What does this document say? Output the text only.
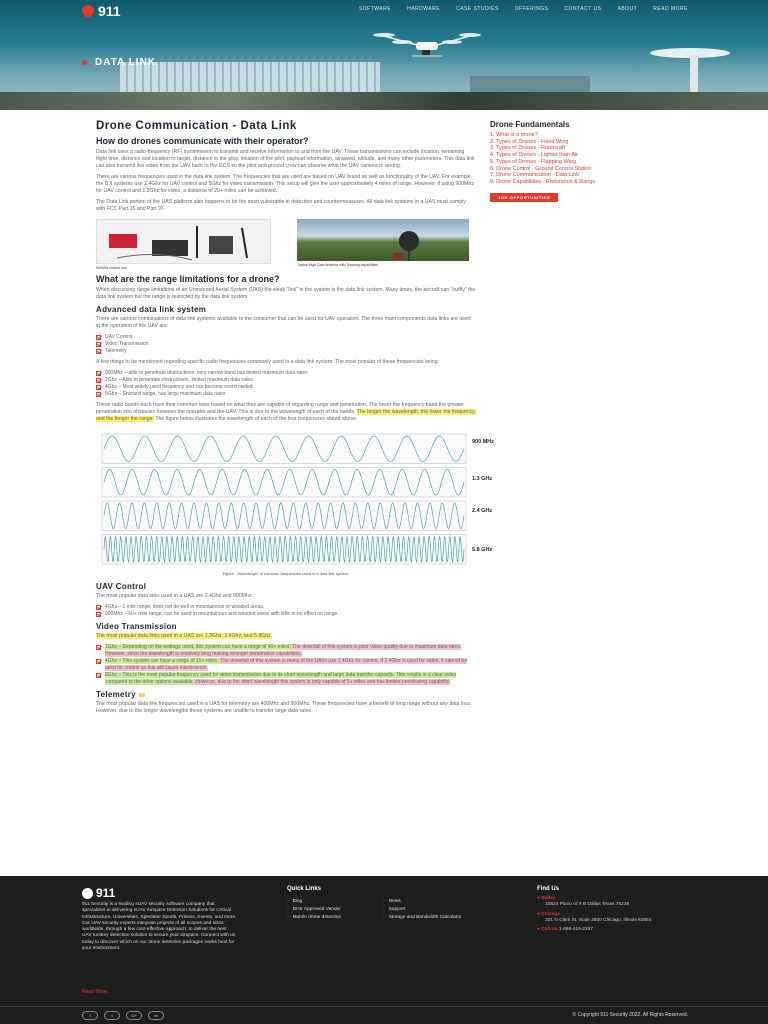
911	SOFTWARE	HARDWARE	CASE STUDIES	OFFERINGS	CONTACT US	ABOUT	READ MORE
DATA LINK
Drone Communication - Data Link
How do drones communicate with their operator?

Data link uses a radio-frequency (RF) transmission to transmit and receive information to and from the UAV. These transmissions can include location, remaining flight time, distance and location to target, distance to the pilot, location of the pilot, payload information, airspeed, altitude, and many other parameters. This data link can also transmit live video from the UAV back to the GCS so the pilot and ground crew can observe what the UAV camera is seeing.

There are various frequencies used in the data link system. The frequencies that are used are based on UAV brand as well as functionality of the UAV. For example, the DJI systems use 2.4Ghz for UAV control and 5Ghz for video transmission. This setup will give the user approximately 4 miles of range. However, if using 900Mhz for UAV control and 1.3Ghz for video, a distance of 20+ miles can be achieved.

The Data Link portion of the UAS platform also happens to be the most vulnerable in detection and countermeasures. All data link systems in a UAS must comply with FCC Part 15 and Part 97.

900Mhz control unit
Typical High Gain Antenna with Tracking capabilities
What are the range limitations for a drone?

When discussing range limitations of an Unmanned Aerial System (UAS) the weak "link" in the system is the data link system. Many times, the aircraft can "outfly" the data link system but the range is restricted by the data link system.

Advanced data link system

There are various combinations of data link systems available to the consumer that can be used for UAV operation. The three main components data links are used in the operation of the UAV are:

UAV Control
Video Transmission
Telemetry

A few things to be mentioned regarding specific radio frequencies commonly used in a data link system. The most popular of these frequencies being:

900Mhz – able to penetrate obstructions, very narrow band has limited maximum data rates
2Ghz – Able to penetrate obstructions, limited maximum data rates
4Ghz – Most widely used frequency and can become overcrowded
8Ghz – Shortest range, has large maximum data rates

These radio bands each have their common uses based on what they are capable of regarding range and penetration. The lower the frequency band the greater penetration into obstacles between the operator and the UAV. This is due to the wavelength of each of the bands. The longer the wavelength, the lower the frequency, and the longer the range. The figure below illustrates the wavelength of each of the four frequencies stated above.

900 MHz
1.3 GHz
2.4 GHz
5.8 GHz
Figure - Wavelength of common frequencies used in a data link system.
UAV Control

The most popular data links used in a UAS are 2.4Ghz and 900Mhz.

4Ghz – 1 mile range, does not do well in mountainous or wooded areas.
900Mhz – 60+ mile range, can be used in mountainous and wooded areas with little to no effect on range.
Video Transmission

The most popular data links used in a UAS are 1.3Ghz, 2.4Ghz, and 5.8Ghz.

1Ghz – Depending on the wattage used, this system can have a range of 40+ miles. The downfall of this system is poor video quality due to maximum data rates. However, since the wavelength is relatively long making stronger penetration capabilities.
4Ghz – This system can have a range of 15+ miles. The downfall of this system is many of the UAVs use 2.4Ghz for control. If 2.4Ghz is used for video, it cannot be used for control as this will cause interference.
8Ghz – This is the most popular frequency used for video transmission due to its short wavelength and large data transfer capacity. This results in a clear video compared to the other options available. However, due to the short wavelength this system is only capable of 5+ miles and has limited penetrating capability.
Telemetry

The most popular data link frequencies used in a UAS for telemetry are 400Mhz and 900Mhz. These frequencies have a benefit of long range without any data loss. However, due to the longer wavelengths these systems are unable to transfer large data rates.

Drone Fundamentals
1. What is a drone?
2. Types of Drones - Fixed Wing
3. Types of Drones - Rotorcraft
4. Types of Drones - Lighter than Air
5. Types of Drones - Flapping Wing
6. Drone Control - Ground Control Station
7. Drone Communication - Data Link
8. Drone Capabilities - Endurance & Range
JOB OPPORTUNITIES
911
911 Security is a leading sUAV security software company that specializes in delivering sUAV Airspace Detection Solutions for Critical Infrastructure, Universities, Spectator Sports, Prisons, Events, and more. Our UAV security experts integrate projects of all scopes and sizes worldwide, through a few cost-effective approach, to deliver the best UAV turnkey detection solution to secure your airspace. Connect with us today to discover which on our drone detection packages works best for your environment.
Read More...
Quick Links
› Blog
› DHS Approved Vendor
› Mobile drone detection
› News
› Support
› Storage and Bandwidth Calculator
Find Us
● Dallas
10824 Plano rd # B Dallas Texas 75238
● Chicago
321 N Clark St, Suite 2500 Chicago, Illinois 60654
● Call Us 1-866-419-2267
f	t	G+	in	© Copyright 911 Security 2022. All Rights Reserved.
